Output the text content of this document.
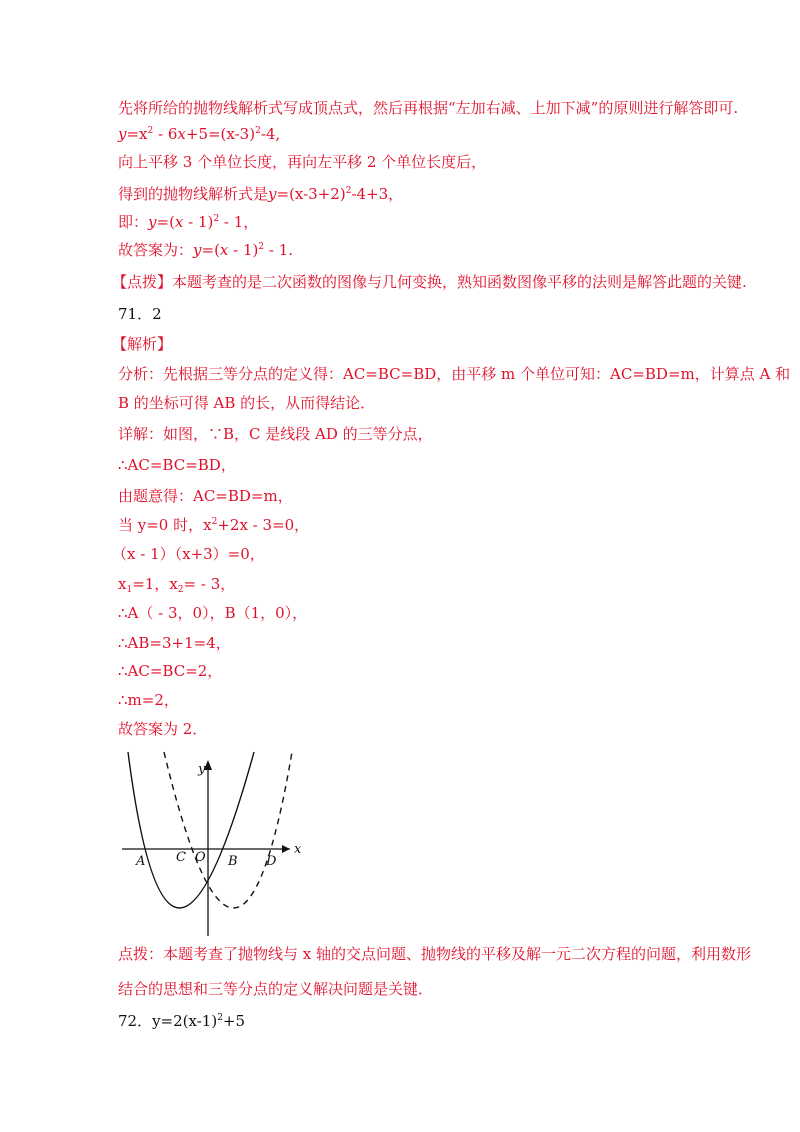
先将所给的抛物线解析式写成顶点式，然后再根据“左加右减、上加下减”的原则进行解答即可.
$y=x^2 - 6x+5=(x-3)^2-4$,
向上平移 3 个单位长度，再向左平移 2 个单位长度后，
得到的抛物线解析式是$y=(x-3+2)^2-4+3$，
即：y=(x - 1)$^2$ - 1，
故答案为：y=(x - 1)$^2$ - 1.
【点拨】本题考查的是二次函数的图像与几何变换，熟知函数图像平移的法则是解答此题的关键.
71．2
【解析】
分析：先根据三等分点的定义得：AC=BC=BD，由平移 m 个单位可知：AC=BD=m，计算点 A 和
B 的坐标可得 AB 的长，从而得结论．
详解：如图，∵B，C 是线段 AD 的三等分点，
∴AC=BC=BD，
由题意得：AC=BD=m，
当 y=0 时，$x^2+2x - 3=0$，
（x - 1）（x+3）=0，
$x_1=1$，$x_2= - 3$，
∴A（ - 3，0），B（1，0），
∴AB=3+1=4，
∴AC=BC=2，
∴m=2，
故答案为 2．
y
x
A C O B D
点拨：本题考查了抛物线与 x 轴的交点问题、抛物线的平移及解一元二次方程的问题，利用数形
结合的思想和三等分点的定义解决问题是关键．
72．$y=2(x-1)^2+5$
